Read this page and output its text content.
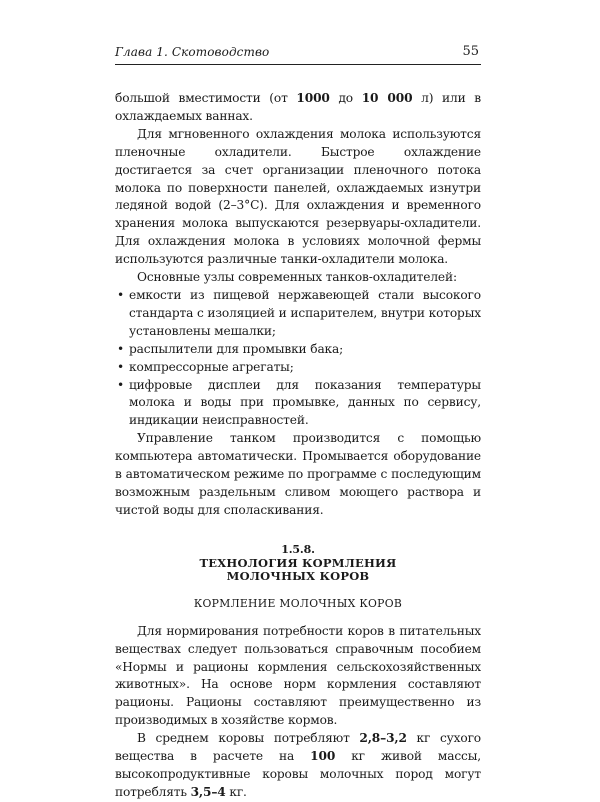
Глава 1. Скотоводство	55

большой вместимости (от 1000 до 10 000 л) или в охлаждаемых ваннах.

Для мгновенного охлаждения молока используются пленочные охладители. Быстрое охлаждение достигается за счет организации пленочного потока молока по поверхности панелей, охлаждаемых изнутри ледяной водой (2–3°С). Для охлаждения и временного хранения молока выпускаются резервуары-охладители. Для охлаждения молока в условиях молочной фермы используются различные танки-охладители молока.

Основные узлы современных танков-охладителей:

• емкости из пищевой нержавеющей стали высокого стандарта с изоляцией и испарителем, внутри которых установлены мешалки;
• распылители для промывки бака;
• компрессорные агрегаты;
• цифровые дисплеи для показания температуры молока и воды при промывке, данных по сервису, индикации неисправностей.

Управление танком производится с помощью компьютера автоматически. Промывается оборудование в автоматическом режиме по программе с последующим возможным раздельным сливом моющего раствора и чистой воды для споласкивания.

1.5.8.
ТЕХНОЛОГИЯ КОРМЛЕНИЯ МОЛОЧНЫХ КОРОВ
КОРМЛЕНИЕ МОЛОЧНЫХ КОРОВ

Для нормирования потребности коров в питательных веществах следует пользоваться справочным пособием «Нормы и рационы кормления сельскохозяйственных животных». На основе норм кормления составляют рационы. Рационы составляют преимущественно из производимых в хозяйстве кормов.

В среднем коровы потребляют 2,8–3,2 кг сухого вещества в расчете на 100 кг живой массы, высокопродуктивные коровы молочных пород могут потреблять 3,5–4 кг.
